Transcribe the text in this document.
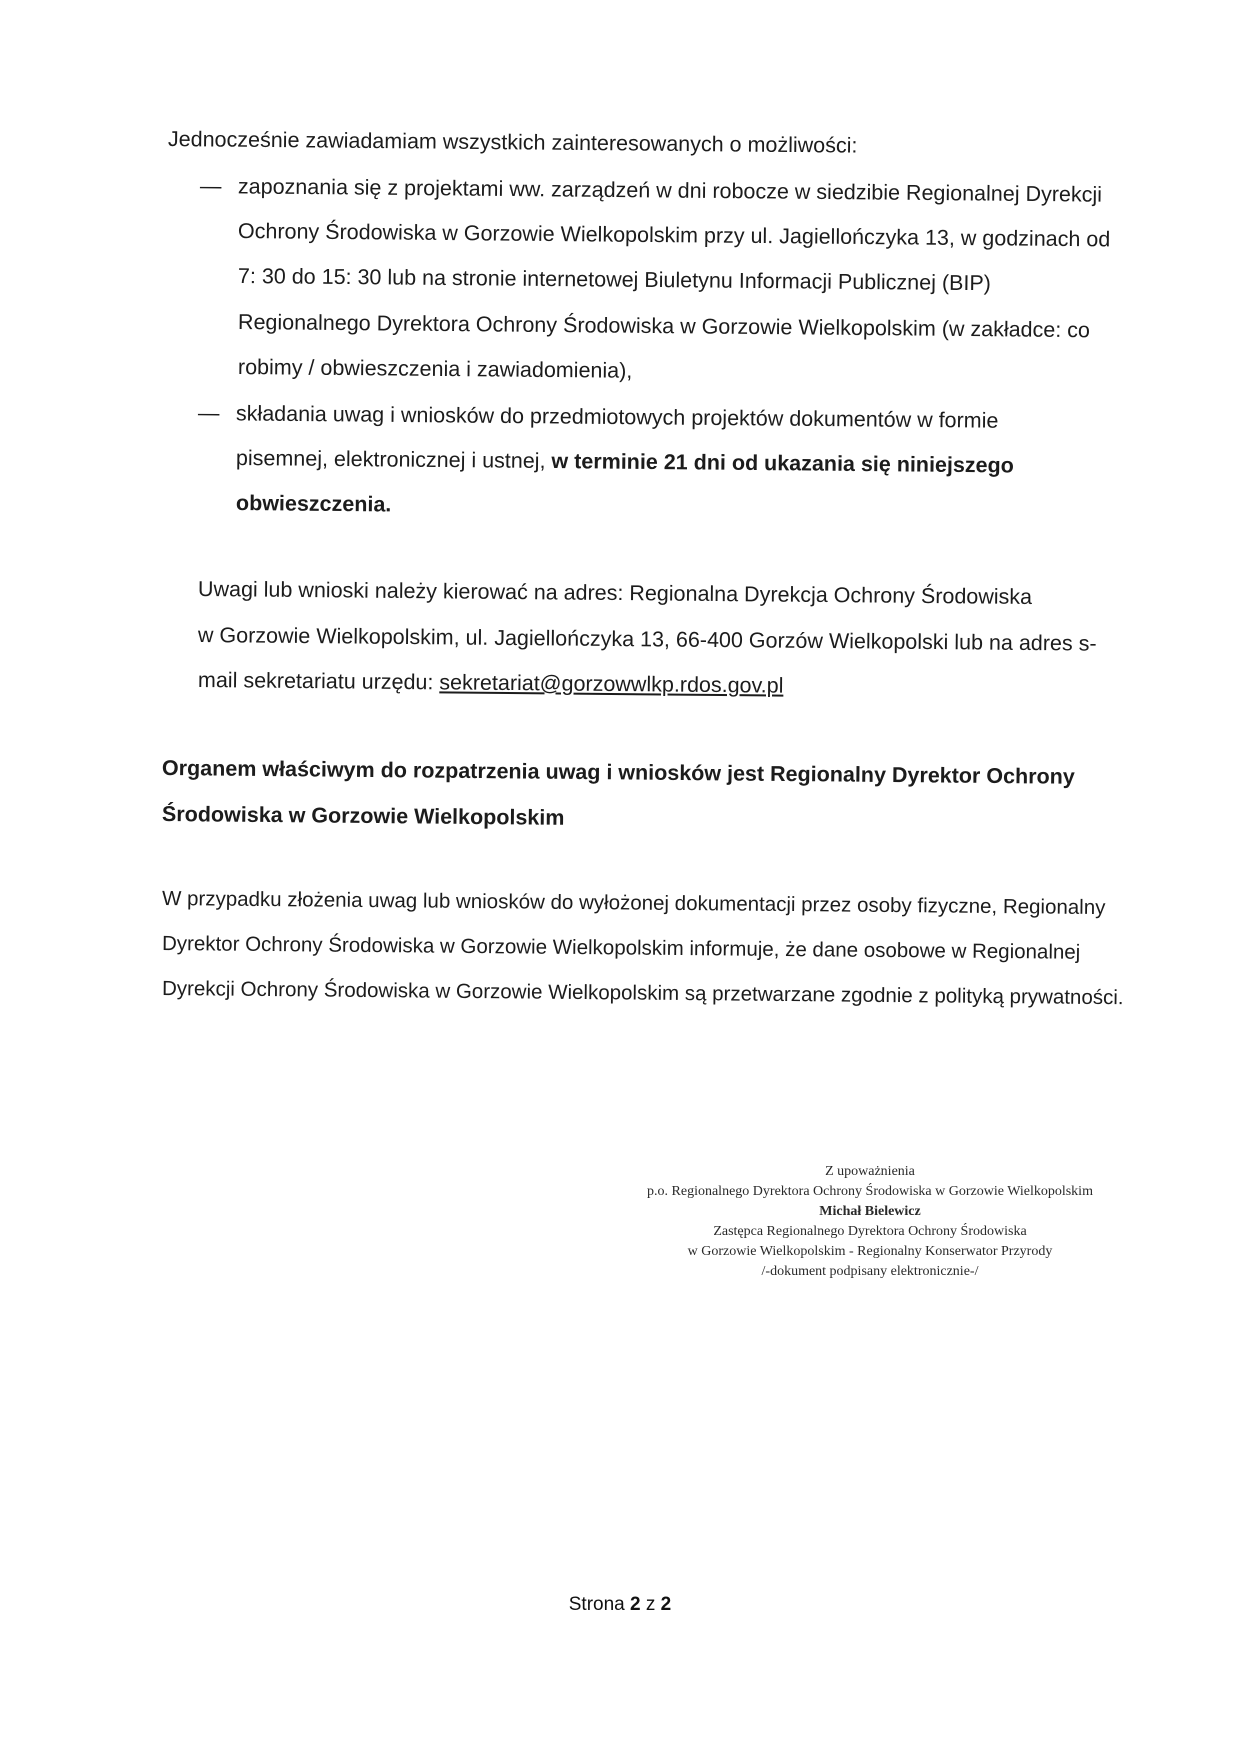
Jednocześnie zawiadamiam wszystkich zainteresowanych o możliwości:
— zapoznania się z projektami ww. zarządzeń w dni robocze w siedzibie Regionalnej Dyrekcji
Ochrony Środowiska w Gorzowie Wielkopolskim przy ul. Jagiellończyka 13, w godzinach od
7: 30 do 15: 30 lub na stronie internetowej Biuletynu Informacji Publicznej (BIP)
Regionalnego Dyrektora Ochrony Środowiska w Gorzowie Wielkopolskim (w zakładce: co
robimy / obwieszczenia i zawiadomienia),
— składania uwag i wniosków do przedmiotowych projektów dokumentów w formie
pisemnej, elektronicznej i ustnej, w terminie 21 dni od ukazania się niniejszego
obwieszczenia.
Uwagi lub wnioski należy kierować na adres: Regionalna Dyrekcja Ochrony Środowiska
w Gorzowie Wielkopolskim, ul. Jagiellończyka 13, 66-400 Gorzów Wielkopolski lub na adres s-
mail sekretariatu urzędu: sekretariat@gorzowwlkp.rdos.gov.pl
Organem właściwym do rozpatrzenia uwag i wniosków jest Regionalny Dyrektor Ochrony
Środowiska w Gorzowie Wielkopolskim
W przypadku złożenia uwag lub wniosków do wyłożonej dokumentacji przez osoby fizyczne, Regionalny
Dyrektor Ochrony Środowiska w Gorzowie Wielkopolskim informuje, że dane osobowe w Regionalnej
Dyrekcji Ochrony Środowiska w Gorzowie Wielkopolskim są przetwarzane zgodnie z polityką prywatności.
Z upoważnienia
p.o. Regionalnego Dyrektora Ochrony Środowiska w Gorzowie Wielkopolskim
Michał Bielewicz
Zastępca Regionalnego Dyrektora Ochrony Środowiska
w Gorzowie Wielkopolskim - Regionalny Konserwator Przyrody
/-dokument podpisany elektronicznie-/
Strona 2 z 2
